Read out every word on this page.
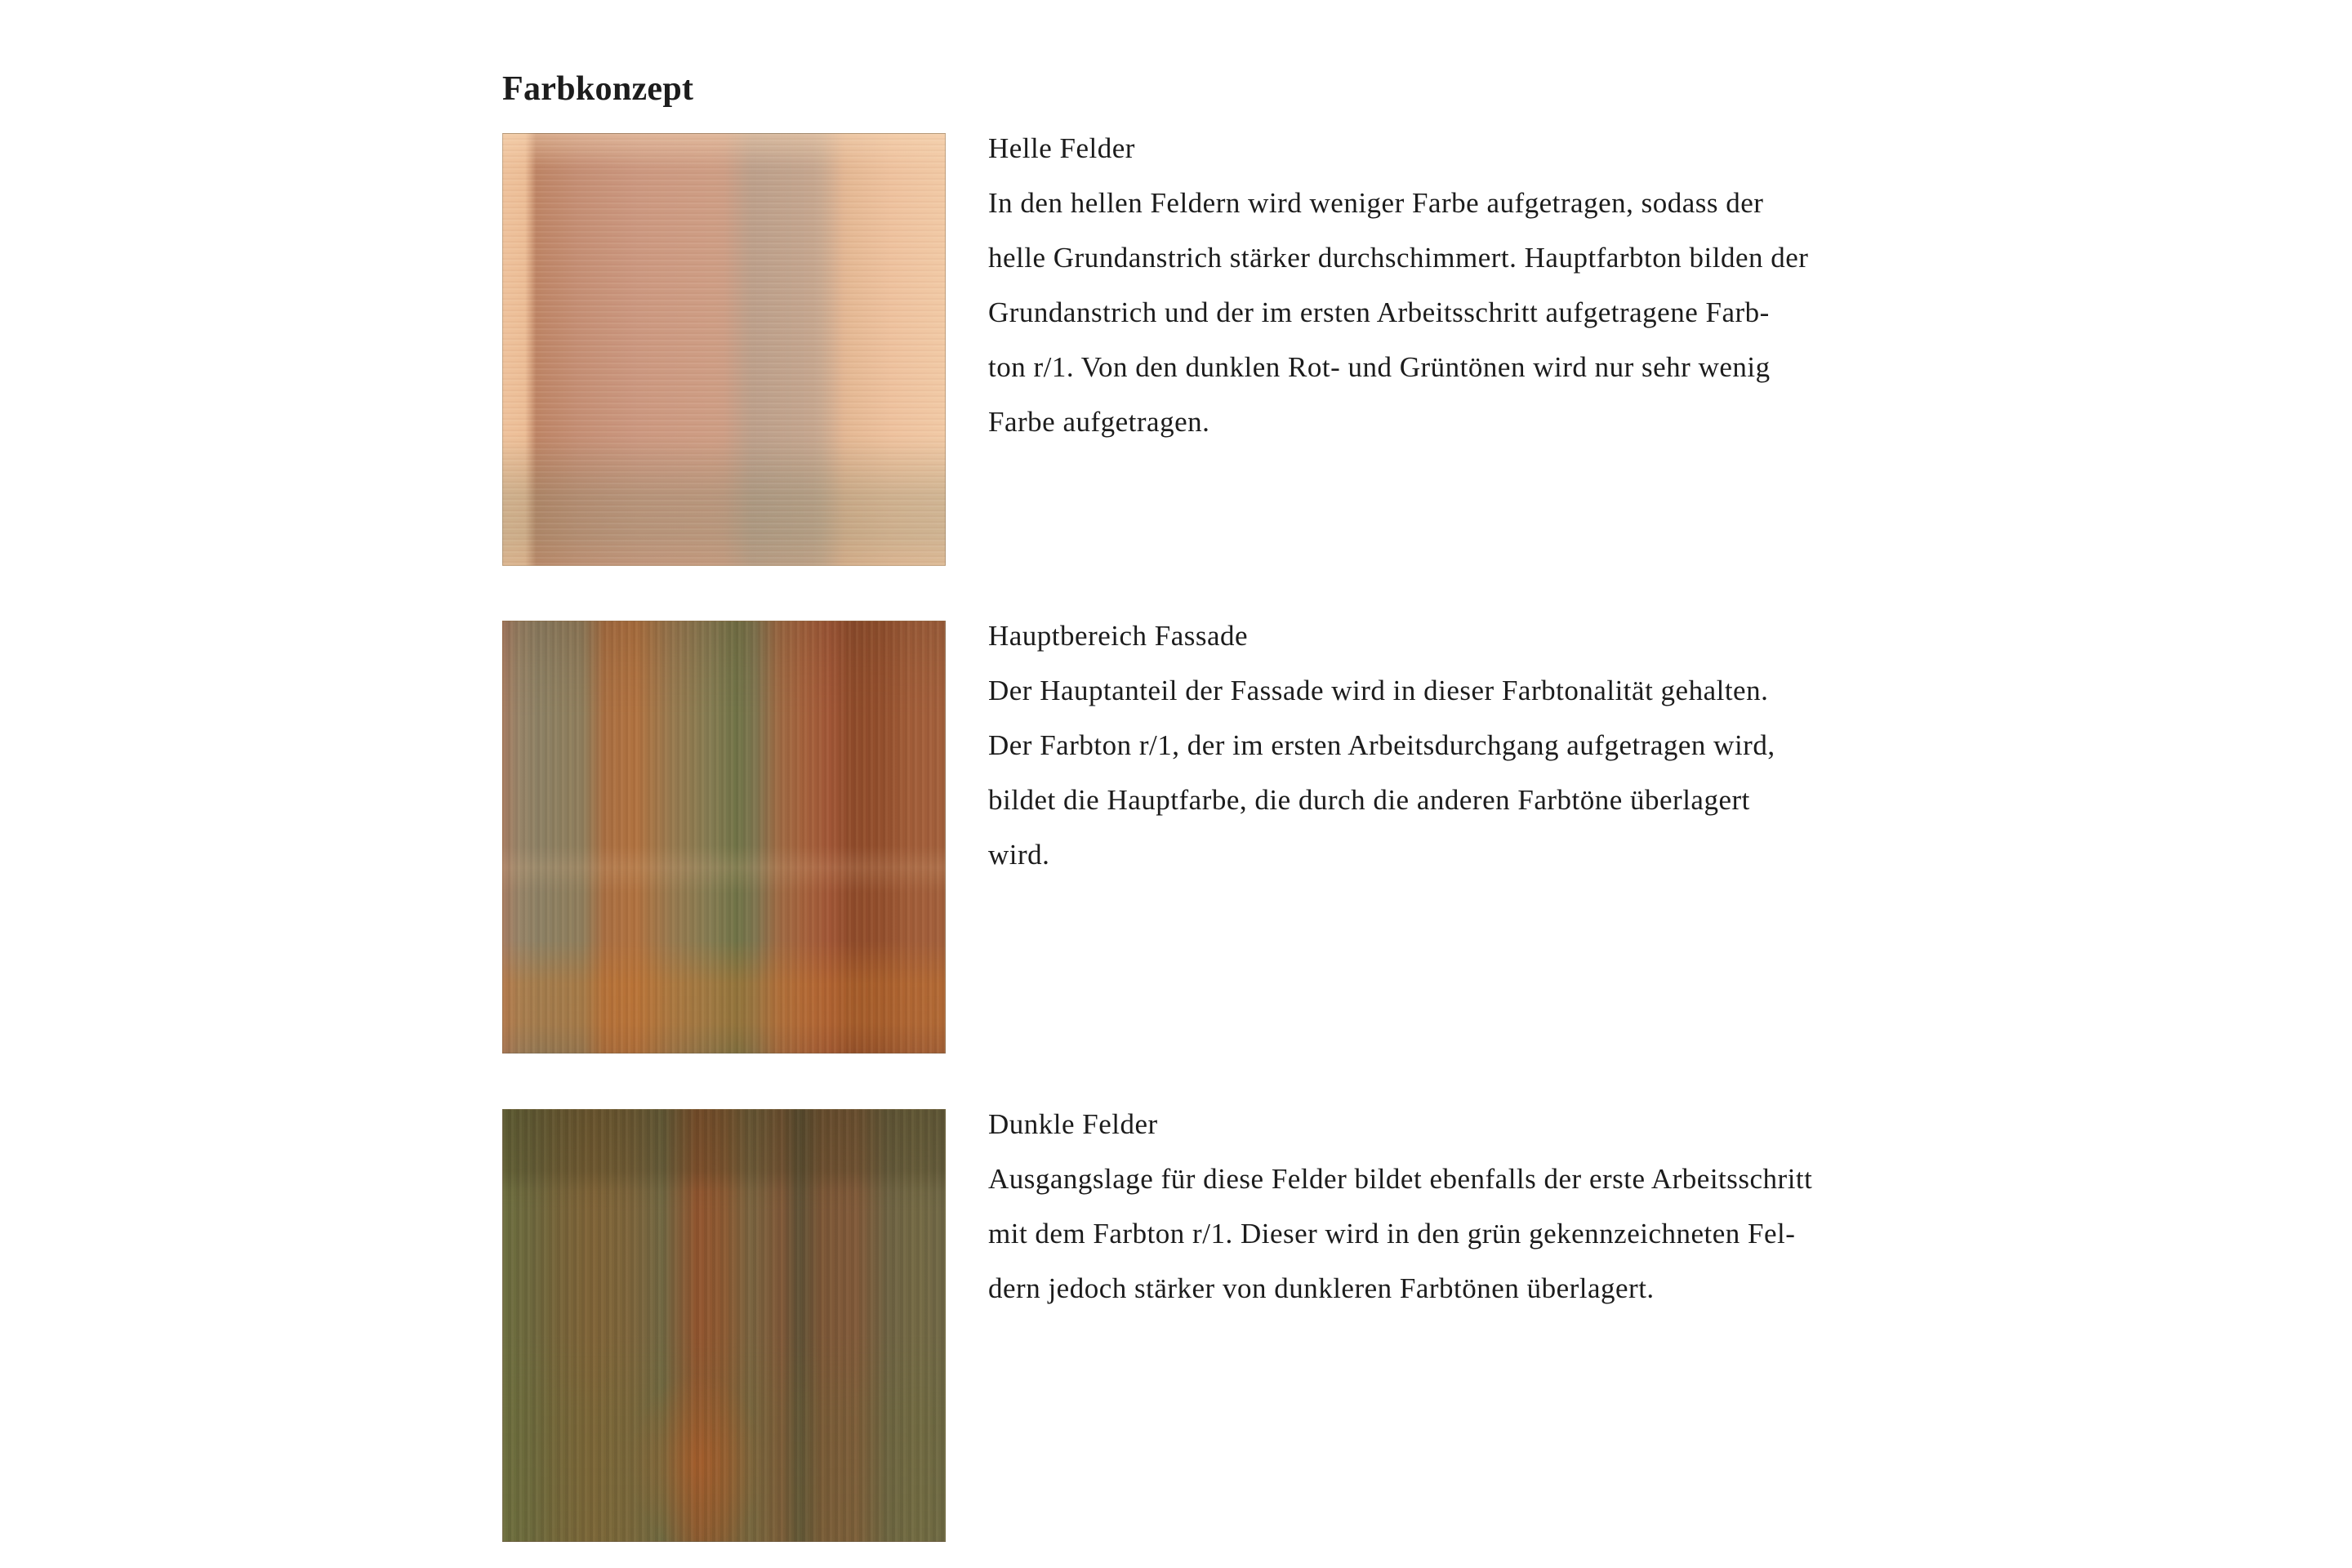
Farbkonzept
Helle Felder
In den hellen Feldern wird weniger Farbe aufgetragen, sodass der
helle Grundanstrich stärker durchschimmert. Hauptfarbton bilden der
Grundanstrich und der im ersten Arbeitsschritt aufgetragene Farb-
ton r/1. Von den dunklen Rot- und Grüntönen wird nur sehr wenig
Farbe aufgetragen.
Hauptbereich Fassade
Der Hauptanteil der Fassade wird in dieser Farbtonalität gehalten.
Der Farbton r/1, der im ersten Arbeitsdurchgang aufgetragen wird,
bildet die Hauptfarbe, die durch die anderen Farbtöne überlagert
wird.
Dunkle Felder
Ausgangslage für diese Felder bildet ebenfalls der erste Arbeitsschritt
mit dem Farbton r/1. Dieser wird in den grün gekennzeichneten Fel-
dern jedoch stärker von dunkleren Farbtönen überlagert.
